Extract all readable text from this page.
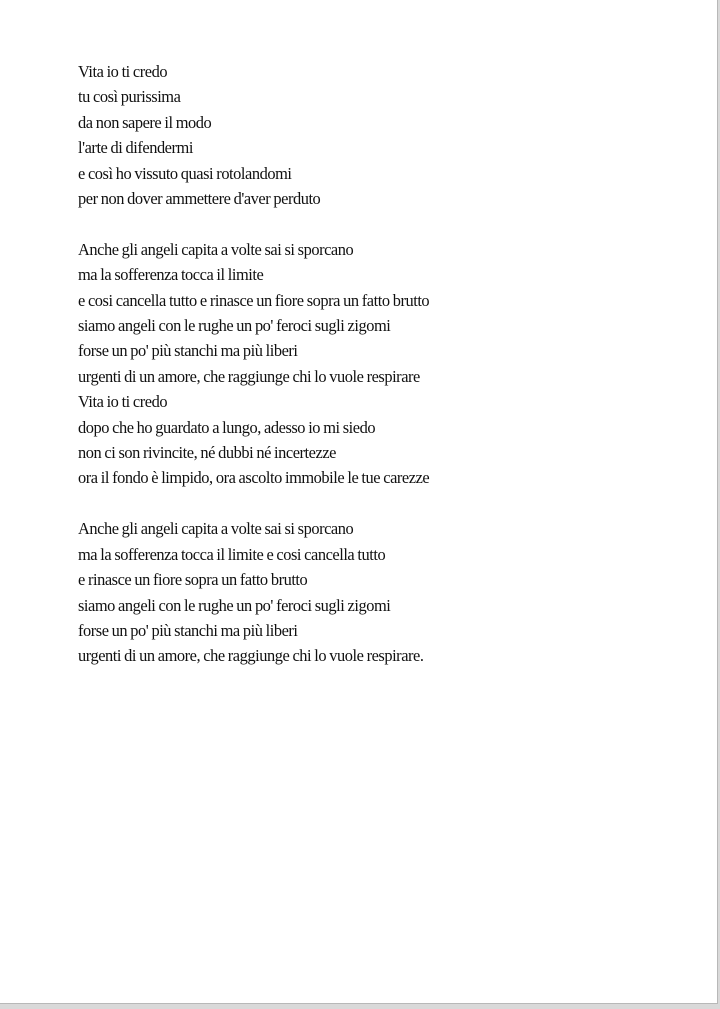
Vita io ti credo
tu così purissima
da non sapere il modo
l'arte di difendermi
e così ho vissuto quasi rotolandomi
per non dover ammettere d'aver perduto
Anche gli angeli capita a volte sai si sporcano
ma la sofferenza tocca il limite
e cosi cancella tutto e rinasce un fiore sopra un fatto brutto
siamo angeli con le rughe un po' feroci sugli zigomi
forse un po' più stanchi ma più liberi
urgenti di un amore, che raggiunge chi lo vuole respirare
Vita io ti credo
dopo che ho guardato a lungo, adesso io mi siedo
non ci son rivincite, né dubbi né incertezze
ora il fondo è limpido, ora ascolto immobile le tue carezze
Anche gli angeli capita a volte sai si sporcano
ma la sofferenza tocca il limite e cosi cancella tutto
e rinasce un fiore sopra un fatto brutto
siamo angeli con le rughe un po' feroci sugli zigomi
forse un po' più stanchi ma più liberi
urgenti di un amore, che raggiunge chi lo vuole respirare.
